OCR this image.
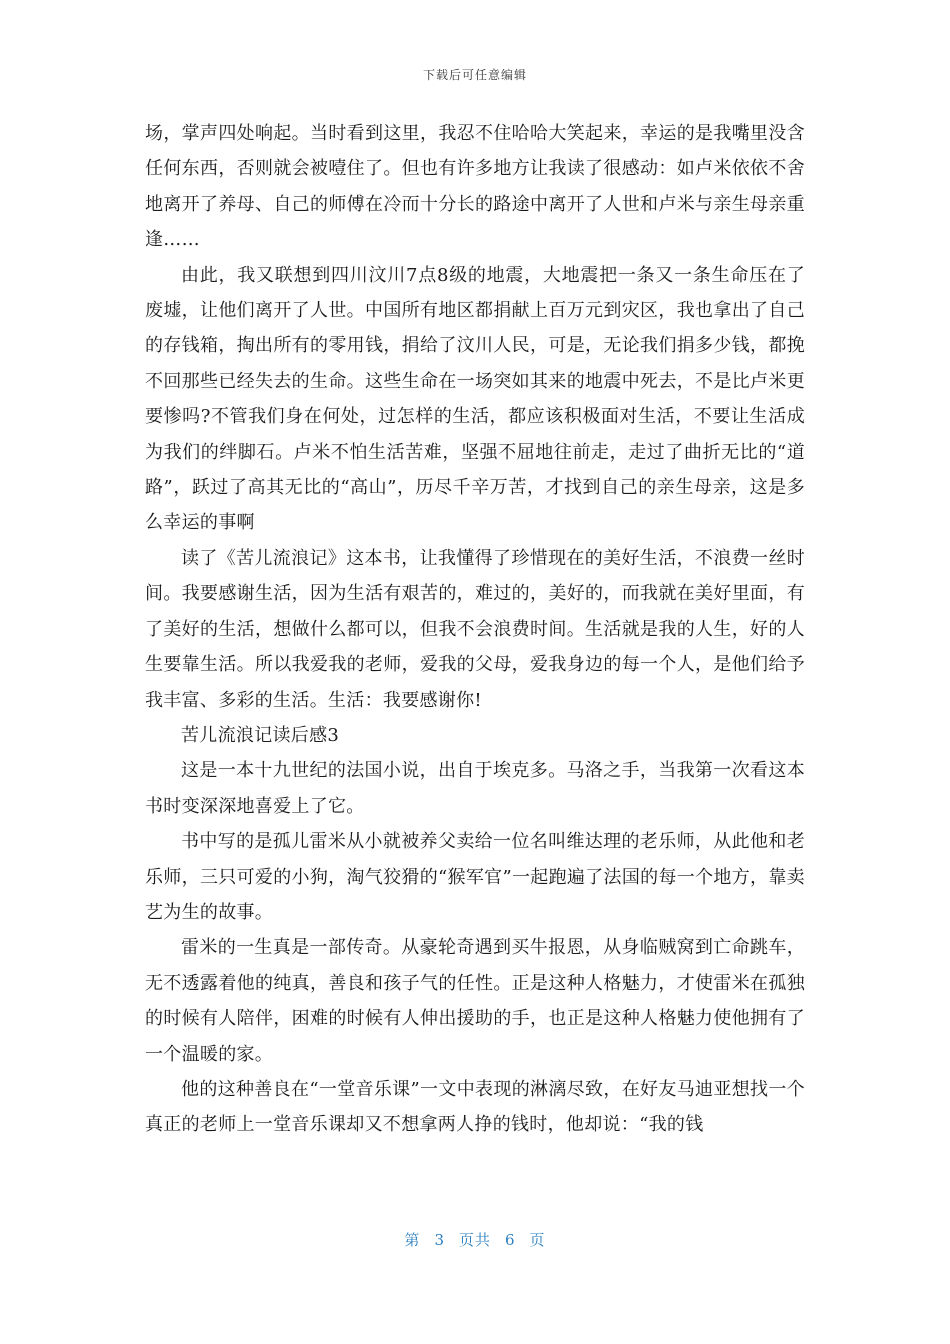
下载后可任意编辑

场，掌声四处响起。当时看到这里，我忍不住哈哈大笑起来，幸运的是我嘴里没含任何东西，否则就会被噎住了。但也有许多地方让我读了很感动：如卢米依依不舍地离开了养母、自己的师傅在冷而十分长的路途中离开了人世和卢米与亲生母亲重逢……

由此，我又联想到四川汶川7点8级的地震，大地震把一条又一条生命压在了废墟，让他们离开了人世。中国所有地区都捐献上百万元到灾区，我也拿出了自己的存钱箱，掏出所有的零用钱，捐给了汶川人民，可是，无论我们捐多少钱，都挽不回那些已经失去的生命。这些生命在一场突如其来的地震中死去，不是比卢米更要惨吗?不管我们身在何处，过怎样的生活，都应该积极面对生活，不要让生活成为我们的绊脚石。卢米不怕生活苦难，坚强不屈地往前走，走过了曲折无比的“道路”，跃过了高其无比的“高山”，历尽千辛万苦，才找到自己的亲生母亲，这是多么幸运的事啊

读了《苦儿流浪记》这本书，让我懂得了珍惜现在的美好生活，不浪费一丝时间。我要感谢生活，因为生活有艰苦的，难过的，美好的，而我就在美好里面，有了美好的生活，想做什么都可以，但我不会浪费时间。生活就是我的人生，好的人生要靠生活。所以我爱我的老师，爱我的父母，爱我身边的每一个人，是他们给予我丰富、多彩的生活。生活：我要感谢你!

苦儿流浪记读后感3

这是一本十九世纪的法国小说，出自于埃克多。马洛之手，当我第一次看这本书时变深深地喜爱上了它。

书中写的是孤儿雷米从小就被养父卖给一位名叫维达理的老乐师，从此他和老乐师，三只可爱的小狗，淘气狡猾的“猴军官”一起跑遍了法国的每一个地方，靠卖艺为生的故事。

雷米的一生真是一部传奇。从豪轮奇遇到买牛报恩，从身临贼窝到亡命跳车，无不透露着他的纯真，善良和孩子气的任性。正是这种人格魅力，才使雷米在孤独的时候有人陪伴，困难的时候有人伸出援助的手，也正是这种人格魅力使他拥有了一个温暖的家。

他的这种善良在“一堂音乐课”一文中表现的淋漓尽致，在好友马迪亚想找一个真正的老师上一堂音乐课却又不想拿两人挣的钱时，他却说：“我的钱

第 3 页共 6 页
